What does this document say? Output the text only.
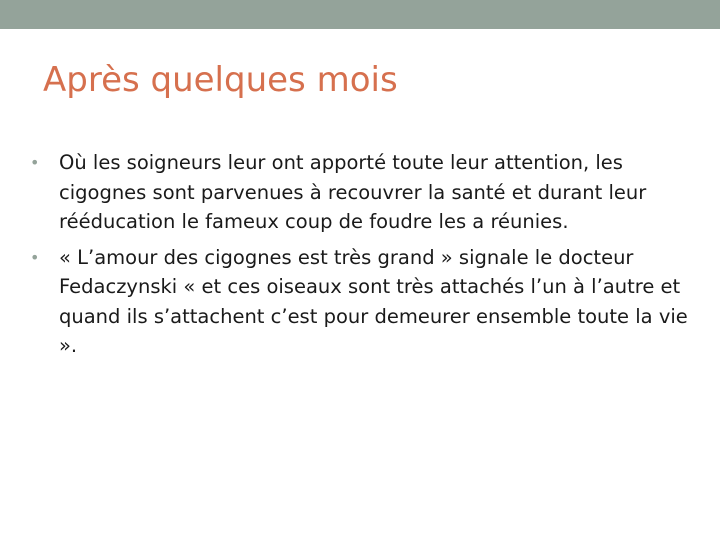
Après quelques mois
• Où les soigneurs leur ont apporté toute leur attention, les cigognes sont parvenues à recouvrer la santé et durant leur rééducation le fameux coup de foudre les a réunies.
• « L’amour des cigognes est très grand » signale le docteur Fedaczynski « et ces oiseaux sont très attachés l’un à l’autre et quand ils s’attachent c’est pour demeurer ensemble toute la vie ».
